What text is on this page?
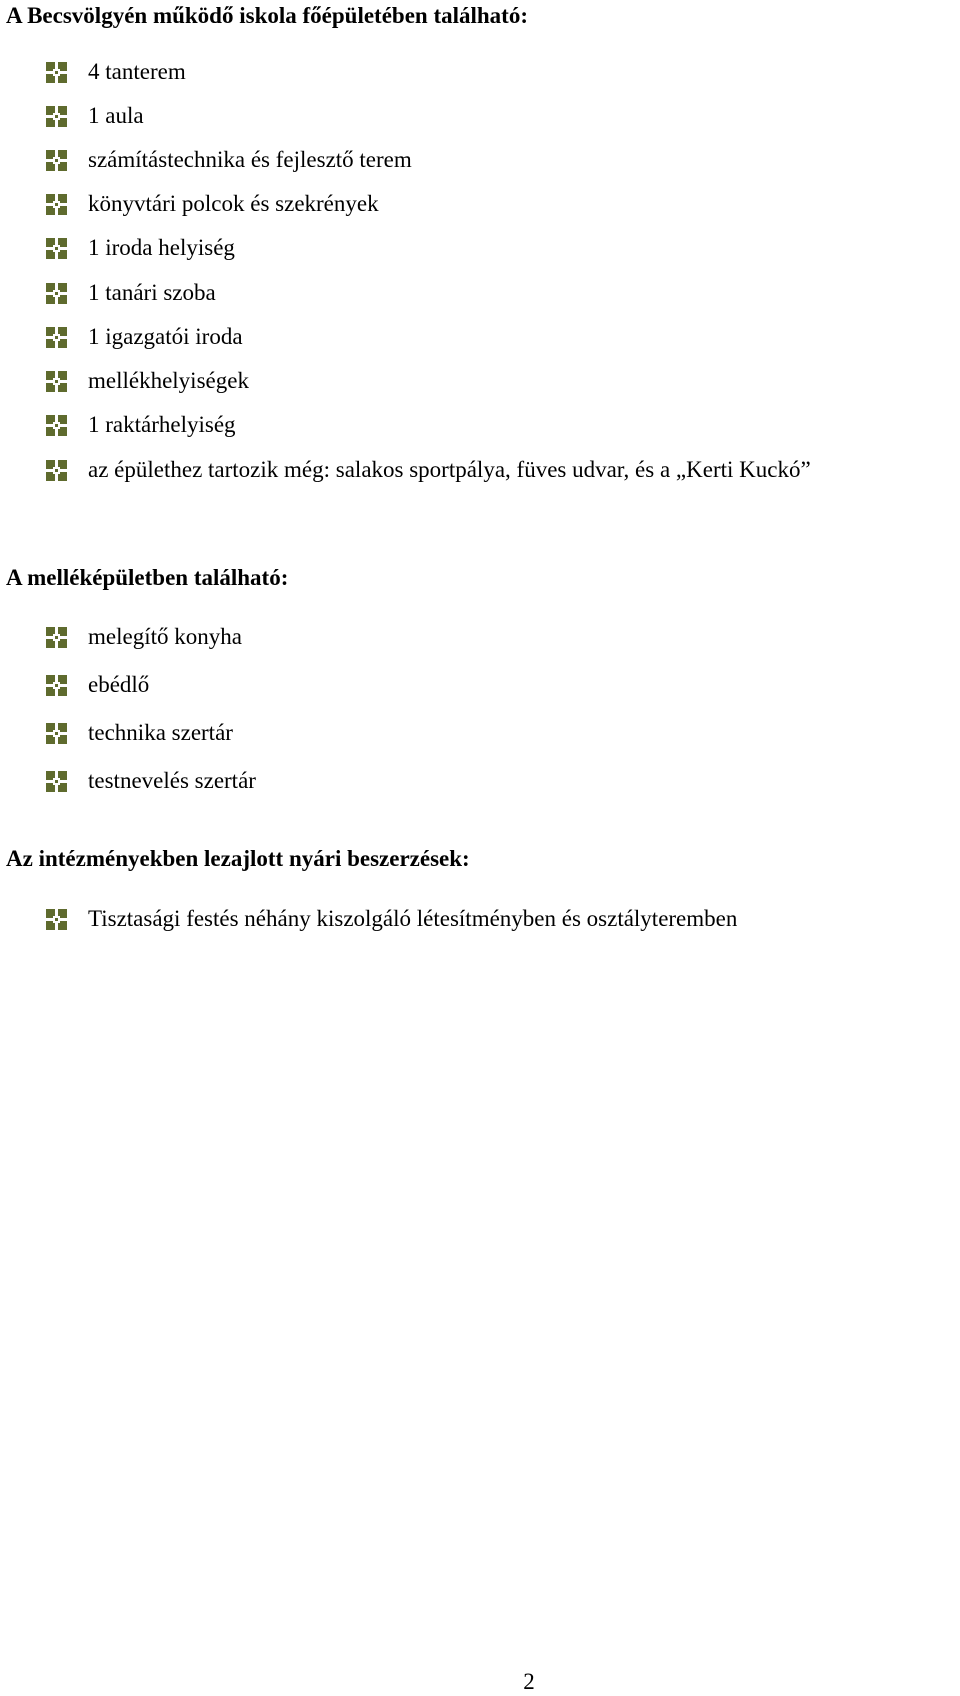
A Becsvölgyén működő iskola főépületében található:
4 tanterem
1 aula
számítástechnika és fejlesztő terem
könyvtári polcok és szekrények
1 iroda helyiség
1 tanári szoba
1 igazgatói iroda
mellékhelyiségek
1 raktárhelyiség
az épülethez tartozik még: salakos sportpálya, füves udvar, és a „Kerti Kuckó”
A melléképületben található:
melegítő konyha
ebédlő
technika szertár
testnevelés szertár
Az intézményekben lezajlott nyári beszerzések:
Tisztasági festés néhány kiszolgáló létesítményben és osztályteremben
2
